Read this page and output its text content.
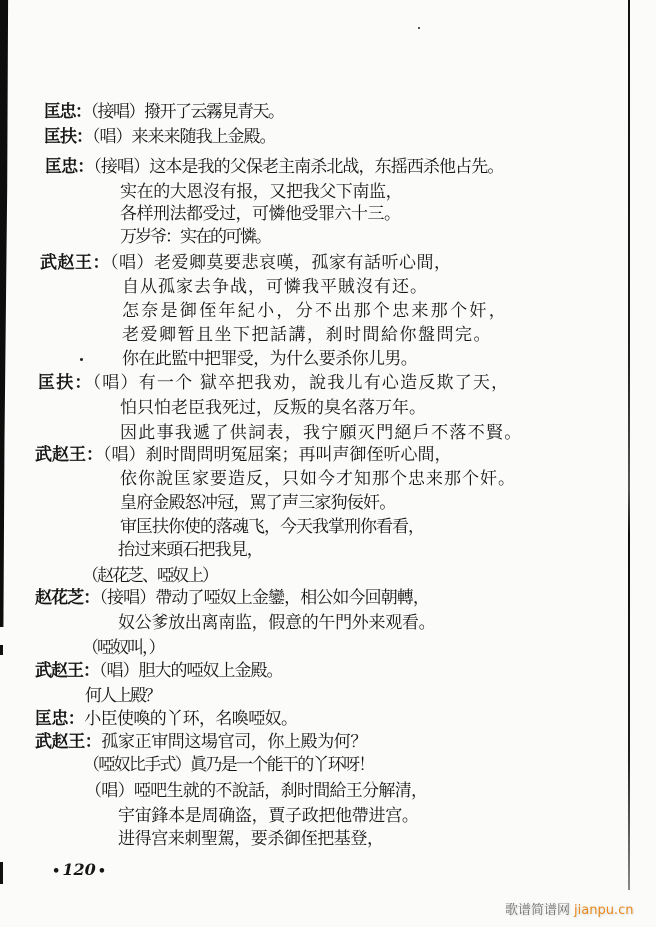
匡忠：（接唱）撥开了云霧見青天。
匡扶：（唱）来来来随我上金殿。
匡忠：（接唱）这本是我的父保老主南杀北战，东摇西杀他占先。
实在的大恩沒有报，又把我父下南监，
各样刑法都受过，可憐他受罪六十三。
万岁爷：实在的可憐。
武赵王：（唱）老爱卿莫要悲哀嘆，孤家有話听心間，
自从孤家去争战，可憐我平賊沒有还。
怎奈是御侄年紀小，分不出那个忠来那个奸，
老爱卿暂且坐下把話講，刹时間給你盤問完。
你在此監中把罪受，为什么要杀你儿男。
匡扶：（唱）有一个 獄卒把我劝，說我儿有心造反欺了天，
怕只怕老臣我死过，反叛的臭名落万年。
因此事我遞了供詞表，我宁願灭門絕戶不落不賢。
武赵王：（唱）刹时間問明冤屈案；再叫声御侄听心間，
依你說匡家要造反，只如今才知那个忠来那个奸。
皇府金殿怒冲冠，駡了声三家狗佞奸。
审匡扶你使的落魂飞，今天我掌刑你看看，
抬过来頭石把我見，
（赵花芝、啞奴上）
赵花芝：（接唱）帶动了啞奴上金鑾，相公如今回朝轉，
奴公爹放出离南监，假意的午門外来观看。
（啞奴叫，）
武赵王：（唱）胆大的啞奴上金殿。
何人上殿？
匡忠：小臣使喚的丫环，名喚啞奴。
武赵王：孤家正审問这場官司，你上殿为何？
（啞奴比手式）眞乃是一个能干的丫环呀！
（唱）啞吧生就的不說話，刹时間給王分解清，
宇宙鋒本是周确盗，賈子政把他帶进宫。
进得宫来刺聖駕，要杀御侄把基登，
• 120 •
歌谱简谱网 jianpu.cn
